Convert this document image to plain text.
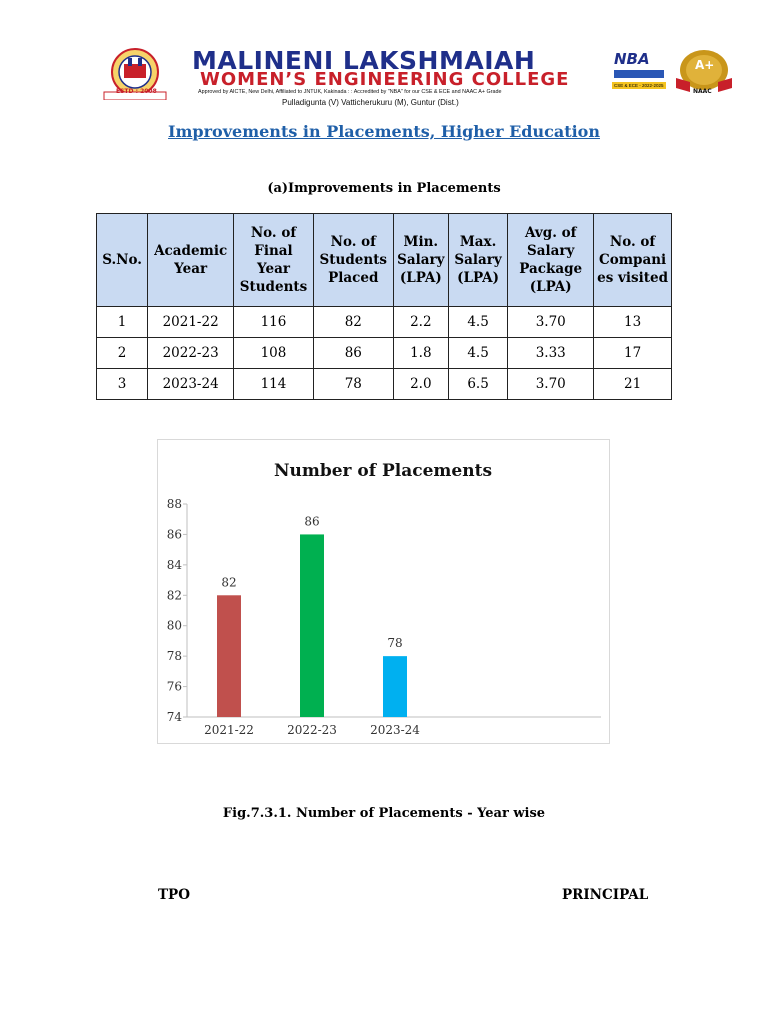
ESTD : 2008
MALINENI LAKSHMAIAH
WOMEN’S ENGINEERING COLLEGE
Approved by AICTE, New Delhi, Affiliated to JNTUK, Kakinada : : Accredited by "NBA" for our CSE & ECE and NAAC A+ Grade
Pulladigunta (V) Vatticherukuru (M), Guntur (Dist.)
NBA
CSE & ECE - 2022-2025
A+
NAAC
Improvements in Placements, Higher Education
(a)Improvements in Placements
S.No.	Academic Year	No. of Final Year Students	No. of Students Placed	Min. Salary (LPA)	Max. Salary (LPA)	Avg. of Salary Package (LPA)	No. of Compani es visited
1	2021-22	116	82	2.2	4.5	3.70	13
2	2022-23	108	86	1.8	4.5	3.33	17
3	2023-24	114	78	2.0	6.5	3.70	21
Number of Placements
74
76
78
80
82
84
86
88
82
2021-22
86
2022-23
78
2023-24
Fig.7.3.1. Number of Placements - Year wise
TPO	PRINCIPAL
